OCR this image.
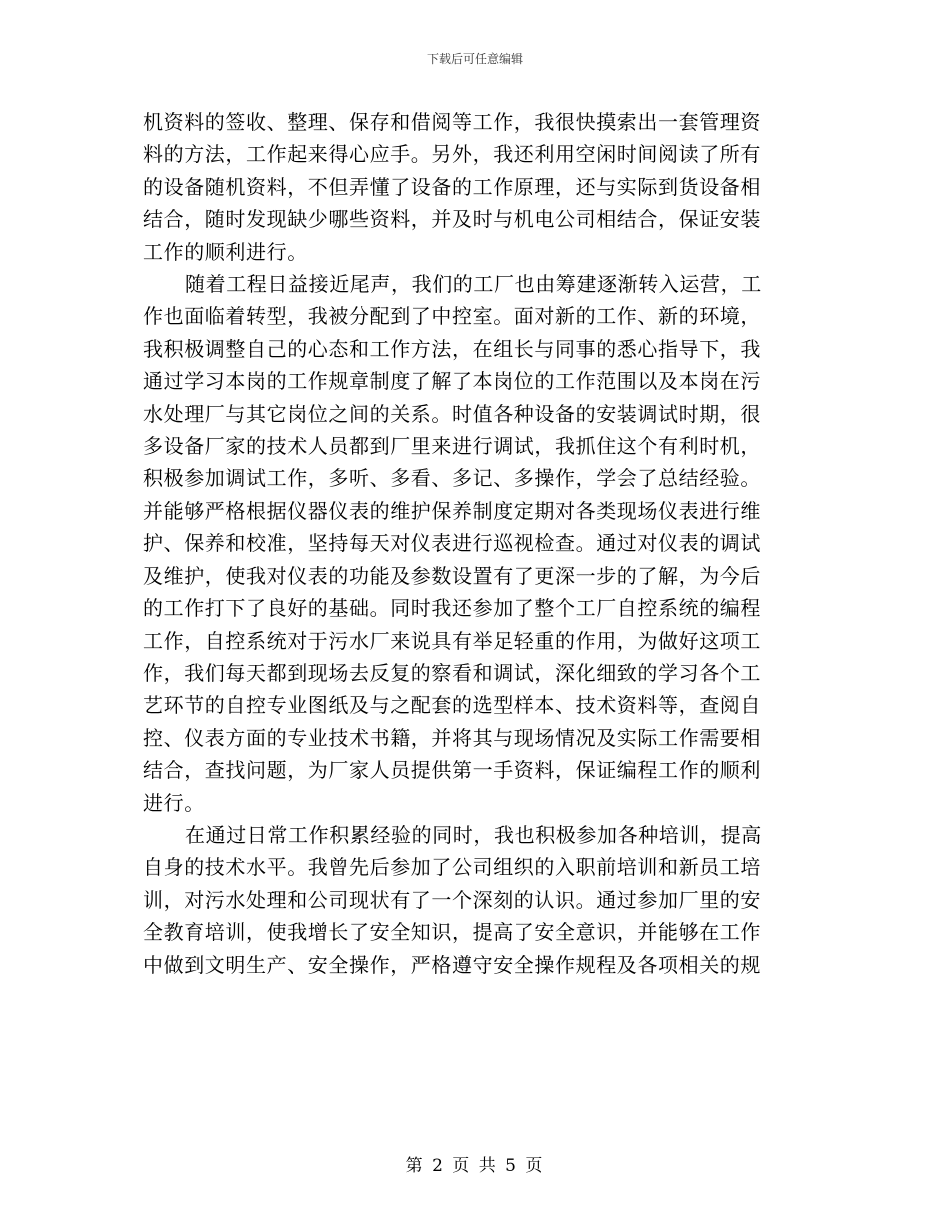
下载后可任意编辑

机资料的签收、整理、保存和借阅等工作，我很快摸索出一套管理资
料的方法，工作起来得心应手。另外，我还利用空闲时间阅读了所有
的设备随机资料，不但弄懂了设备的工作原理，还与实际到货设备相
结合，随时发现缺少哪些资料，并及时与机电公司相结合，保证安装
工作的顺利进行。

随着工程日益接近尾声，我们的工厂也由筹建逐渐转入运营，工
作也面临着转型，我被分配到了中控室。面对新的工作、新的环境，
我积极调整自己的心态和工作方法，在组长与同事的悉心指导下，我
通过学习本岗的工作规章制度了解了本岗位的工作范围以及本岗在污
水处理厂与其它岗位之间的关系。时值各种设备的安装调试时期，很
多设备厂家的技术人员都到厂里来进行调试，我抓住这个有利时机，
积极参加调试工作，多听、多看、多记、多操作，学会了总结经验。
并能够严格根据仪器仪表的维护保养制度定期对各类现场仪表进行维
护、保养和校准，坚持每天对仪表进行巡视检查。通过对仪表的调试
及维护，使我对仪表的功能及参数设置有了更深一步的了解，为今后
的工作打下了良好的基础。同时我还参加了整个工厂自控系统的编程
工作，自控系统对于污水厂来说具有举足轻重的作用，为做好这项工
作，我们每天都到现场去反复的察看和调试，深化细致的学习各个工
艺环节的自控专业图纸及与之配套的选型样本、技术资料等，查阅自
控、仪表方面的专业技术书籍，并将其与现场情况及实际工作需要相
结合，查找问题，为厂家人员提供第一手资料，保证编程工作的顺利
进行。

在通过日常工作积累经验的同时，我也积极参加各种培训，提高
自身的技术水平。我曾先后参加了公司组织的入职前培训和新员工培
训，对污水处理和公司现状有了一个深刻的认识。通过参加厂里的安
全教育培训，使我增长了安全知识，提高了安全意识，并能够在工作
中做到文明生产、安全操作，严格遵守安全操作规程及各项相关的规

第 2 页 共 5 页
